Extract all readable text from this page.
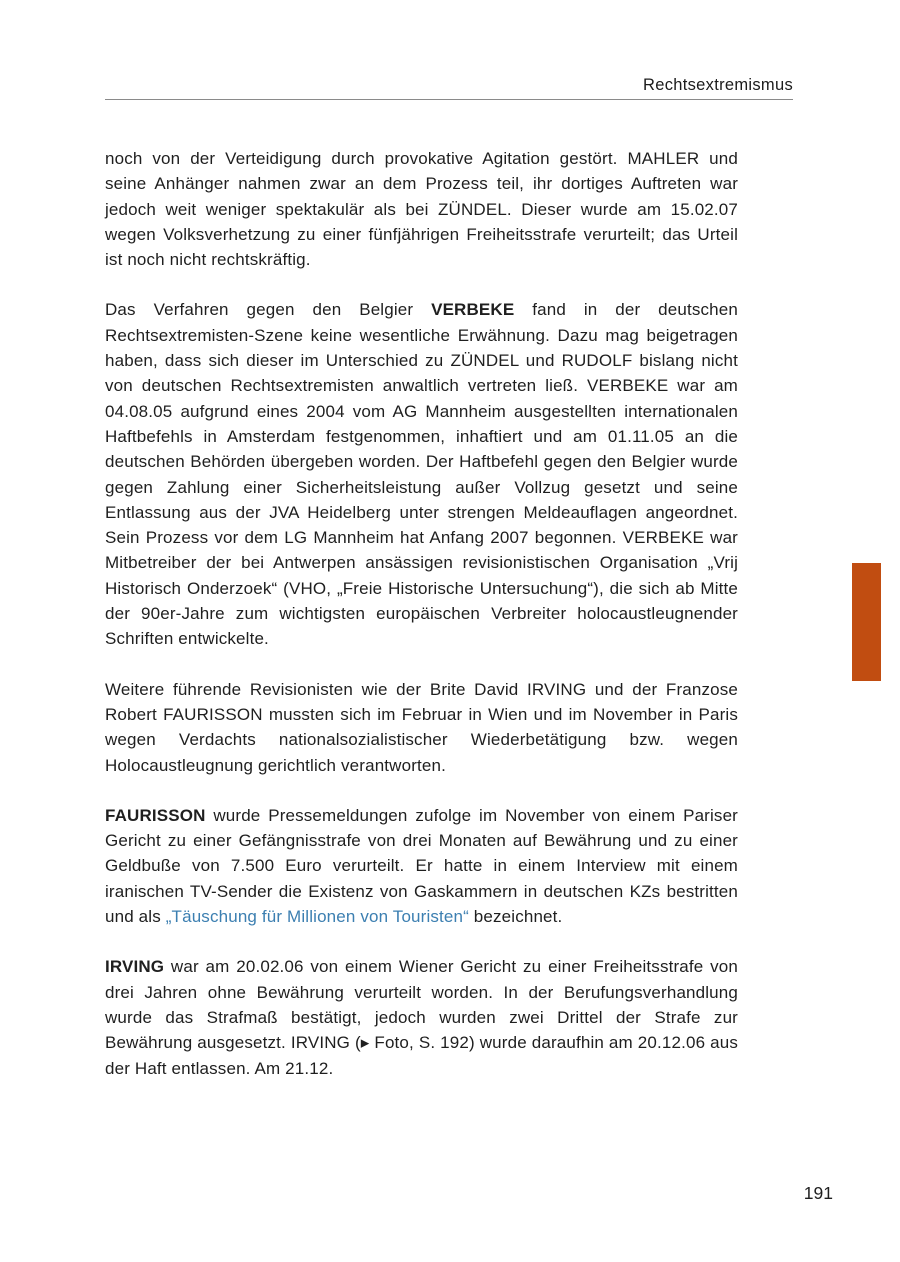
Rechtsextremismus

noch von der Verteidigung durch provokative Agitation gestört. MAHLER und seine Anhänger nahmen zwar an dem Prozess teil, ihr dortiges Auftreten war jedoch weit weniger spektakulär als bei ZÜNDEL. Dieser wurde am 15.02.07 wegen Volksverhetzung zu einer fünfjährigen Freiheitsstrafe verurteilt; das Urteil ist noch nicht rechtskräftig.

Das Verfahren gegen den Belgier VERBEKE fand in der deutschen Rechtsextremisten-Szene keine wesentliche Erwähnung. Dazu mag beigetragen haben, dass sich dieser im Unterschied zu ZÜNDEL und RUDOLF bislang nicht von deutschen Rechtsextremisten anwaltlich vertreten ließ. VERBEKE war am 04.08.05 aufgrund eines 2004 vom AG Mannheim ausgestellten internationalen Haftbefehls in Amsterdam festgenommen, inhaftiert und am 01.11.05 an die deutschen Behörden übergeben worden. Der Haftbefehl gegen den Belgier wurde gegen Zahlung einer Sicherheitsleistung außer Vollzug gesetzt und seine Entlassung aus der JVA Heidelberg unter strengen Meldeauflagen angeordnet. Sein Prozess vor dem LG Mannheim hat Anfang 2007 begonnen. VERBEKE war Mitbetreiber der bei Antwerpen ansässigen revisionistischen Organisation „Vrij Historisch Onderzoek“ (VHO, „Freie Historische Untersuchung“), die sich ab Mitte der 90er-Jahre zum wichtigsten europäischen Verbreiter holocaustleugnender Schriften entwickelte.

Weitere führende Revisionisten wie der Brite David IRVING und der Franzose Robert FAURISSON mussten sich im Februar in Wien und im November in Paris wegen Verdachts nationalsozialistischer Wiederbetätigung bzw. wegen Holocaustleugnung gerichtlich verantworten.

FAURISSON wurde Pressemeldungen zufolge im November von einem Pariser Gericht zu einer Gefängnisstrafe von drei Monaten auf Bewährung und zu einer Geldbuße von 7.500 Euro verurteilt. Er hatte in einem Interview mit einem iranischen TV-Sender die Existenz von Gaskammern in deutschen KZs bestritten und als „Täuschung für Millionen von Touristen“ bezeichnet.

IRVING war am 20.02.06 von einem Wiener Gericht zu einer Freiheitsstrafe von drei Jahren ohne Bewährung verurteilt worden. In der Berufungsverhandlung wurde das Strafmaß bestätigt, jedoch wurden zwei Drittel der Strafe zur Bewährung ausgesetzt. IRVING (▸ Foto, S. 192) wurde daraufhin am 20.12.06 aus der Haft entlassen. Am 21.12.

191
